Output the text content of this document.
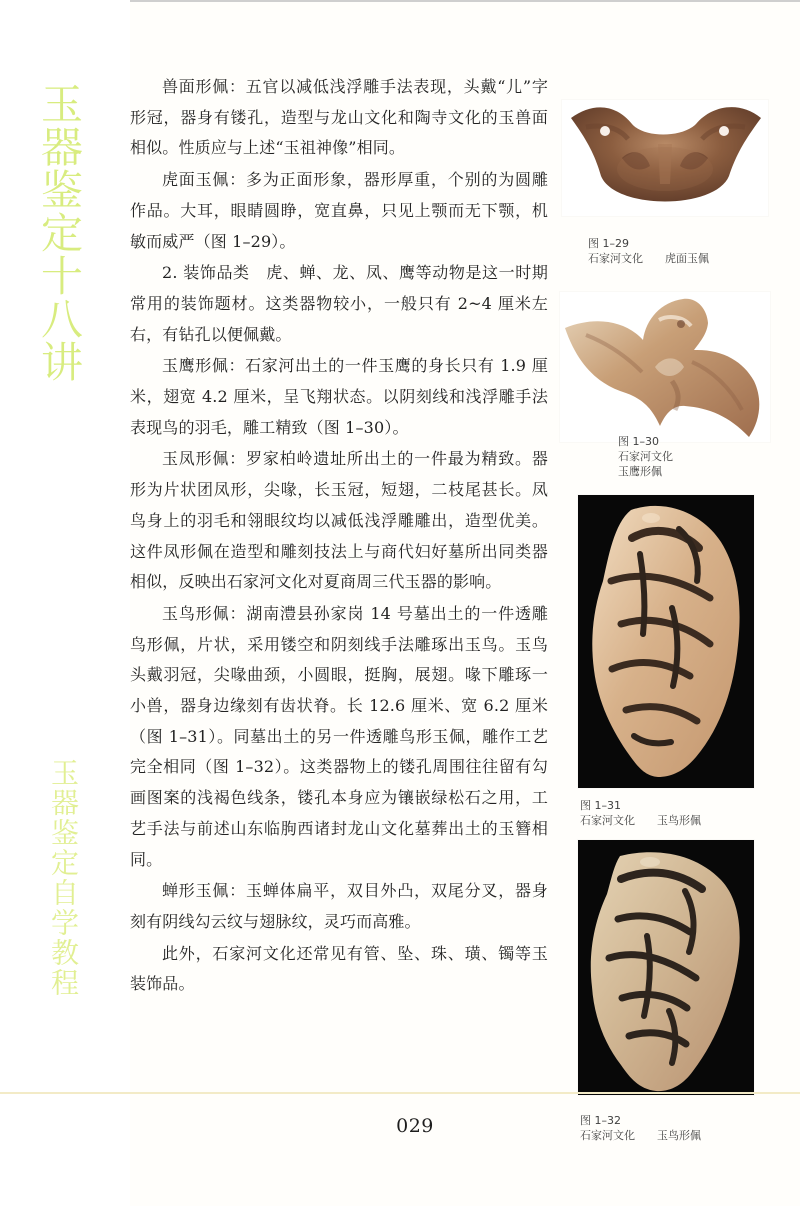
玉器鉴定十八讲
玉器鉴定自学教程

兽面形佩：五官以减低浅浮雕手法表现，头戴“儿”字形冠，器身有镂孔，造型与龙山文化和陶寺文化的玉兽面相似。性质应与上述“玉祖神像”相同。

虎面玉佩：多为正面形象，器形厚重，个别的为圆雕作品。大耳，眼睛圆睁，宽直鼻，只见上颚而无下颚，机敏而威严（图 1–29）。

2. 装饰品类　虎、蝉、龙、凤、鹰等动物是这一时期常用的装饰题材。这类器物较小，一般只有 2~4 厘米左右，有钻孔以便佩戴。

玉鹰形佩：石家河出土的一件玉鹰的身长只有 1.9 厘米，翅宽 4.2 厘米，呈飞翔状态。以阴刻线和浅浮雕手法表现鸟的羽毛，雕工精致（图 1–30）。

玉凤形佩：罗家柏岭遗址所出土的一件最为精致。器形为片状团凤形，尖喙，长玉冠，短翅，二枝尾甚长。凤鸟身上的羽毛和翎眼纹均以减低浅浮雕雕出，造型优美。这件凤形佩在造型和雕刻技法上与商代妇好墓所出同类器相似，反映出石家河文化对夏商周三代玉器的影响。

玉鸟形佩：湖南澧县孙家岗 14 号墓出土的一件透雕鸟形佩，片状，采用镂空和阴刻线手法雕琢出玉鸟。玉鸟头戴羽冠，尖喙曲颈，小圆眼，挺胸，展翅。喙下雕琢一小兽，器身边缘刻有齿状脊。长 12.6 厘米、宽 6.2 厘米（图 1–31）。同墓出土的另一件透雕鸟形玉佩，雕作工艺完全相同（图 1–32）。这类器物上的镂孔周围往往留有勾画图案的浅褐色线条，镂孔本身应为镶嵌绿松石之用，工艺手法与前述山东临朐西诸封龙山文化墓葬出土的玉簪相同。

蝉形玉佩：玉蝉体扁平，双目外凸，双尾分叉，器身刻有阴线勾云纹与翅脉纹，灵巧而高雅。

此外，石家河文化还常见有管、坠、珠、璜、镯等玉装饰品。

图 1–29
石家河文化　　虎面玉佩
图 1–30
石家河文化
玉鹰形佩
图 1–31
石家河文化　　玉鸟形佩
图 1–32
石家河文化　　玉鸟形佩
029
